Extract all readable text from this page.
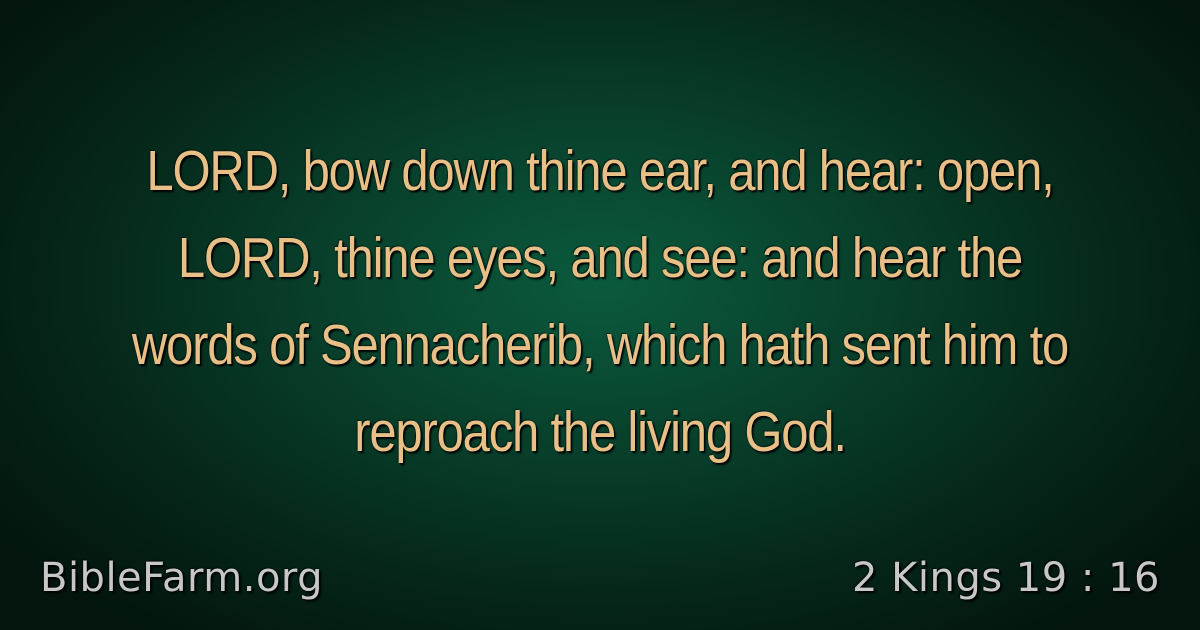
LORD, bow down thine ear, and hear: open, LORD, thine eyes, and see: and hear the words of Sennacherib, which hath sent him to reproach the living God.

BibleFarm.org	2 Kings 19 : 16
